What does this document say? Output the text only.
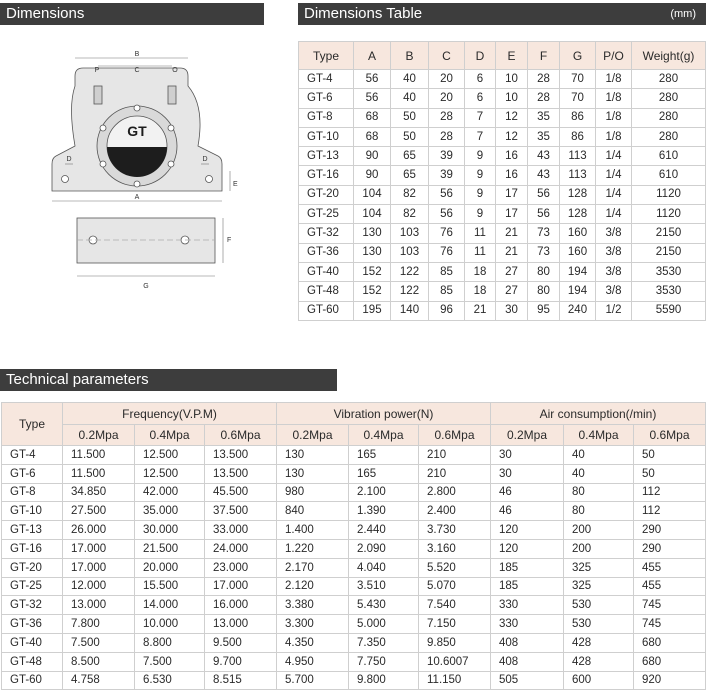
Dimensions	Dimensions Table	(mm)
GT
B
C
P	O
D	D
E
A
F
G
Type	A	B	C	D	E	F	G	P/O	Weight(g)
GT-4	56	40	20	6	10	28	70	1/8	280
GT-6	56	40	20	6	10	28	70	1/8	280
GT-8	68	50	28	7	12	35	86	1/8	280
GT-10	68	50	28	7	12	35	86	1/8	280
GT-13	90	65	39	9	16	43	113	1/4	610
GT-16	90	65	39	9	16	43	113	1/4	610
GT-20	104	82	56	9	17	56	128	1/4	1120
GT-25	104	82	56	9	17	56	128	1/4	1120
GT-32	130	103	76	11	21	73	160	3/8	2150
GT-36	130	103	76	11	21	73	160	3/8	2150
GT-40	152	122	85	18	27	80	194	3/8	3530
GT-48	152	122	85	18	27	80	194	3/8	3530
GT-60	195	140	96	21	30	95	240	1/2	5590
Technical parameters
Type	Frequency(V.P.M)			Vibration power(N)			Air consumption(/min)		
	0.2Mpa	0.4Mpa	0.6Mpa	0.2Mpa	0.4Mpa	0.6Mpa	0.2Mpa	0.4Mpa	0.6Mpa
GT-4	11.500	12.500	13.500	130	165	210	30	40	50
GT-6	11.500	12.500	13.500	130	165	210	30	40	50
GT-8	34.850	42.000	45.500	980	2.100	2.800	46	80	112
GT-10	27.500	35.000	37.500	840	1.390	2.400	46	80	112
GT-13	26.000	30.000	33.000	1.400	2.440	3.730	120	200	290
GT-16	17.000	21.500	24.000	1.220	2.090	3.160	120	200	290
GT-20	17.000	20.000	23.000	2.170	4.040	5.520	185	325	455
GT-25	12.000	15.500	17.000	2.120	3.510	5.070	185	325	455
GT-32	13.000	14.000	16.000	3.380	5.430	7.540	330	530	745
GT-36	7.800	10.000	13.000	3.300	5.000	7.150	330	530	745
GT-40	7.500	8.800	9.500	4.350	7.350	9.850	408	428	680
GT-48	8.500	7.500	9.700	4.950	7.750	10.6007	408	428	680
GT-60	4.758	6.530	8.515	5.700	9.800	11.150	505	600	920
